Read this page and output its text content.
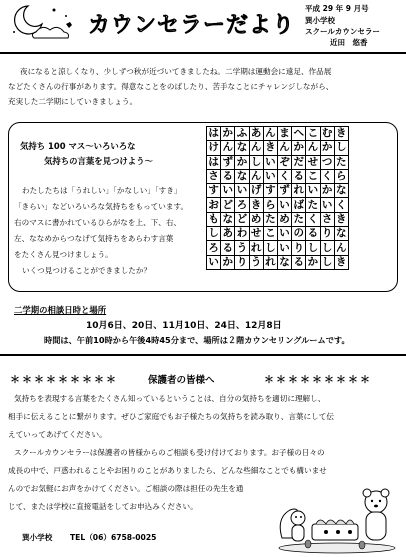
カウンセラーだより
平成 29 年 9 月号
巽小学校
スクールカウンセラー
近田　悠香
夜になると涼しくなり、少しずつ秋が近づいてきましたね。二学期は運動会に遠足、作品展
などたくさんの行事があります。得意なことをのばしたり、苦手なことにチャレンジしながら、
充実した二学期にしていきましょう。
気持ち 100 マス～いろいろな
気持ちの言葉を見つけよう～
わたしたちは「うれしい」「かなしい」「すき」
「きらい」などいろいろな気持ちをもっています。
右のマスに書かれているひらがなを上、下、右、
左、ななめからつなげて気持ちをあらわす言葉
をたくさん見つけましょう。
いくつ見つけることができましたか？
は	か	ふ	あ	ん	ま	へ	こ	む	き
け	ん	な	ん	き	ん	か	ん	か	し
は	ず	か	し	い	ぞ	だ	せ	つ	た
さ	る	な	ん	い	く	る	こ	く	ら
す	い	い	げ	す	ず	れ	い	か	な
お	ど	ろ	き	ら	い	ば	た	い	く
も	な	ど	め	た	め	た	く	さ	き
し	あ	わ	せ	こ	い	の	る	り	な
ろ	る	う	れ	し	い	り	し	し	ん
い	か	り	う	れ	な	る	か	し	き
二学期の相談日時と場所
10月6日、20日、11月10日、24日、12月8日
時間は、午前10時から午後4時45分まで、場所は２階カウンセリングルームです。
＊＊＊＊＊＊＊＊＊	保護者の皆様へ	＊＊＊＊＊＊＊＊＊
気持ちを表現する言葉をたくさん知っているということは、自分の気持ちを適切に理解し、
相手に伝えることに繋がります。ぜひご家庭でもお子様たちの気持ちを読み取り、言葉にして伝
えていってあげてください。
スクールカウンセラーは保護者の皆様からのご相談も受け付けております。お子様の日々の
成長の中で、戸惑われることやお困りのことがありましたら、どんな些細なことでも構いませ
んのでお気軽にお声をかけてください。ご相談の際は担任の先生を通
じて、または学校に直接電話をしてお申込みください。
巽小学校 TEL（06）6758-0025
